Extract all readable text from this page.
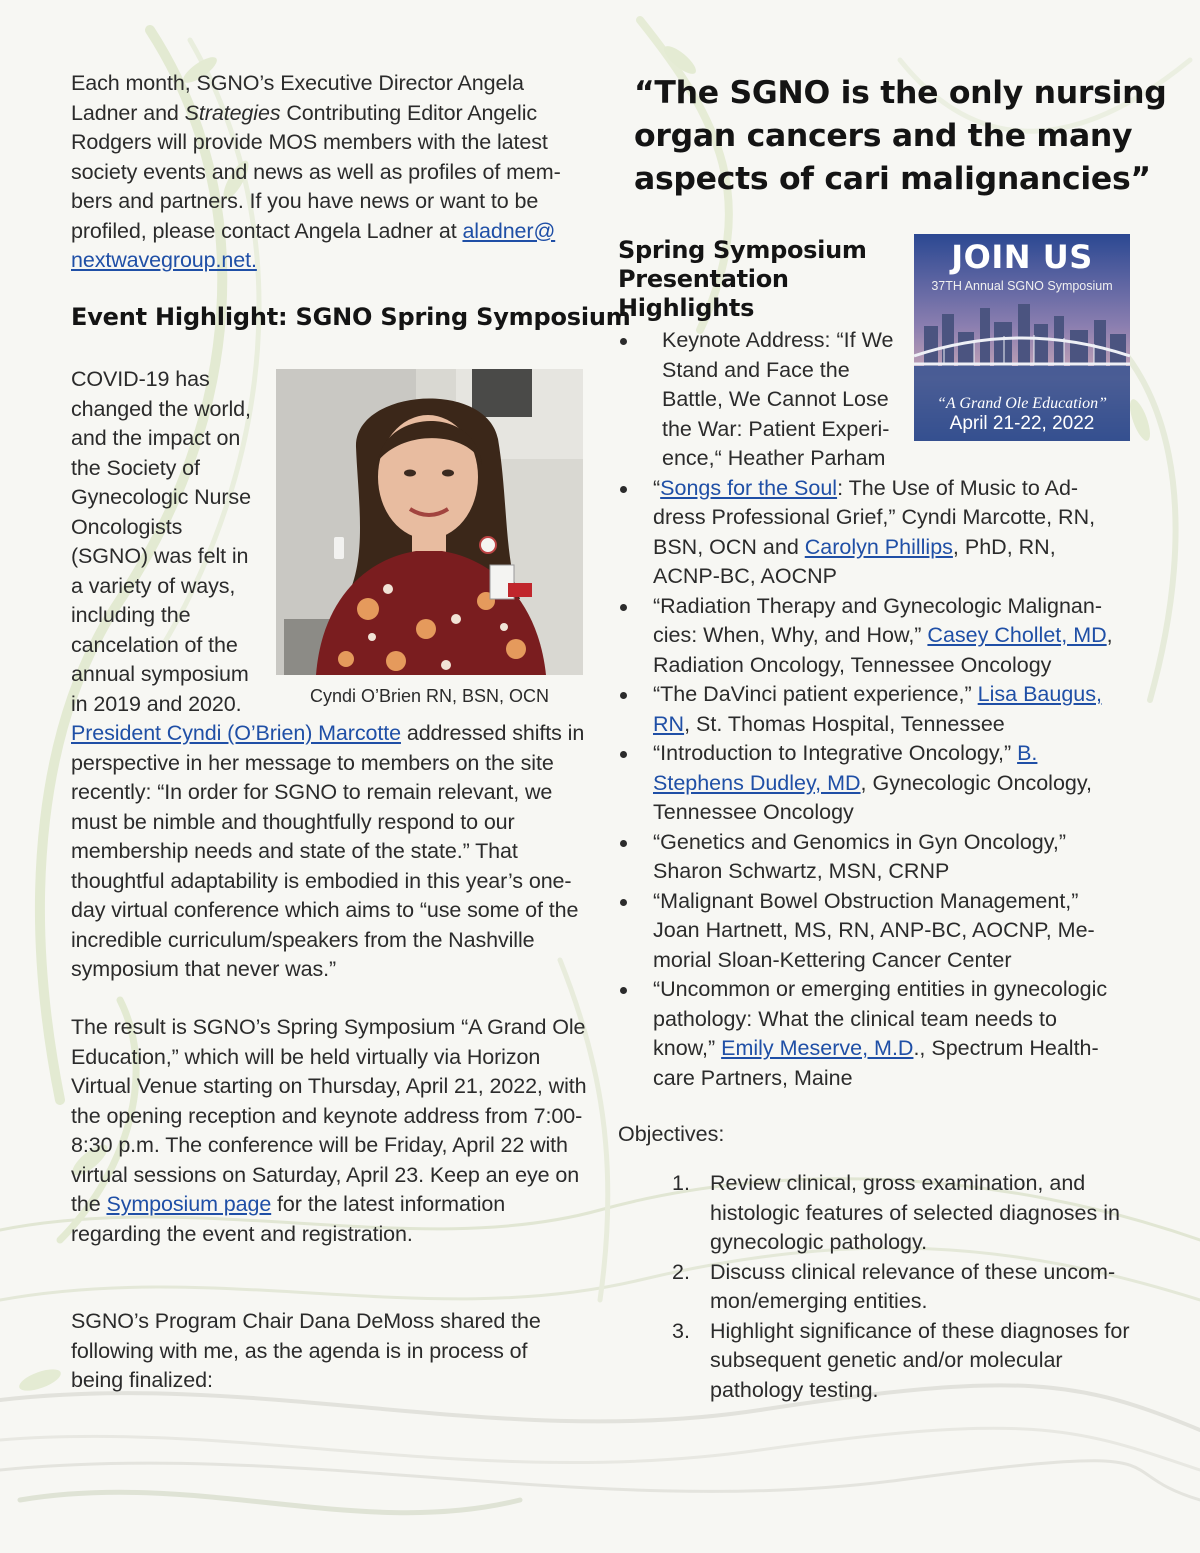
Each month, SGNO’s Executive Director Angela Ladner and Strategies Contributing Editor Angelic Rodgers will provide MOS members with the latest society events and news as well as profiles of members and partners. If you have news or want to be profiled, please contact Angela Ladner at aladner@ nextwavegroup.net.

Event Highlight: SGNO Spring Symposium

COVID-19 has changed the world, and the impact on the Society of Gynecologic Nurse Oncologists (SGNO) was felt in a variety of ways, including the cancelation of the annual symposium in 2019 and 2020.	Cyndi O’Brien RN, BSN, OCN

President Cyndi (O’Brien) Marcotte addressed shifts in perspective in her message to members on the site recently: “In order for SGNO to remain relevant, we must be nimble and thoughtfully respond to our membership needs and state of the state.” That thoughtful adaptability is embodied in this year’s one-day virtual conference which aims to “use some of the incredible curriculum/speakers from the Nashville symposium that never was.”

The result is SGNO’s Spring Symposium “A Grand Ole Education,” which will be held virtually via Horizon Virtual Venue starting on Thursday, April 21, 2022, with the opening reception and keynote address from 7:00-8:30 p.m. The conference will be Friday, April 22 with virtual sessions on Saturday, April 23. Keep an eye on the Symposium page for the latest information regarding the event and registration.

SGNO’s Program Chair Dana DeMoss shared the following with me, as the agenda is in process of being finalized:

“The SGNO is the only nursing organ cancers and the many aspects of cari malignancies”

Spring Symposium Presentation Highlights
JOIN US
37TH Annual SGNO Symposium
“A Grand Ole Education”
April 21-22, 2022
Keynote Address: “If We Stand and Face the Battle, We Cannot Lose the War: Patient Experience,“ Heather Parham
“Songs for the Soul: The Use of Music to Address Professional Grief,” Cyndi Marcotte, RN, BSN, OCN and Carolyn Phillips, PhD, RN, ACNP-BC, AOCNP
“Radiation Therapy and Gynecologic Malignancies: When, Why, and How,” Casey Chollet, MD, Radiation Oncology, Tennessee Oncology
“The DaVinci patient experience,” Lisa Baugus, RN, St. Thomas Hospital, Tennessee
“Introduction to Integrative Oncology,” B. Stephens Dudley, MD, Gynecologic Oncology, Tennessee Oncology
“Genetics and Genomics in Gyn Oncology,” Sharon Schwartz, MSN, CRNP
“Malignant Bowel Obstruction Management,” Joan Hartnett, MS, RN, ANP-BC, AOCNP, Memorial Sloan-Kettering Cancer Center
“Uncommon or emerging entities in gynecologic pathology: What the clinical team needs to know,” Emily Meserve, M.D., Spectrum Healthcare Partners, Maine
Objectives:
1. Review clinical, gross examination, and histologic features of selected diagnoses in gynecologic pathology.
2. Discuss clinical relevance of these uncommon/emerging entities.
3. Highlight significance of these diagnoses for subsequent genetic and/or molecular pathology testing.
